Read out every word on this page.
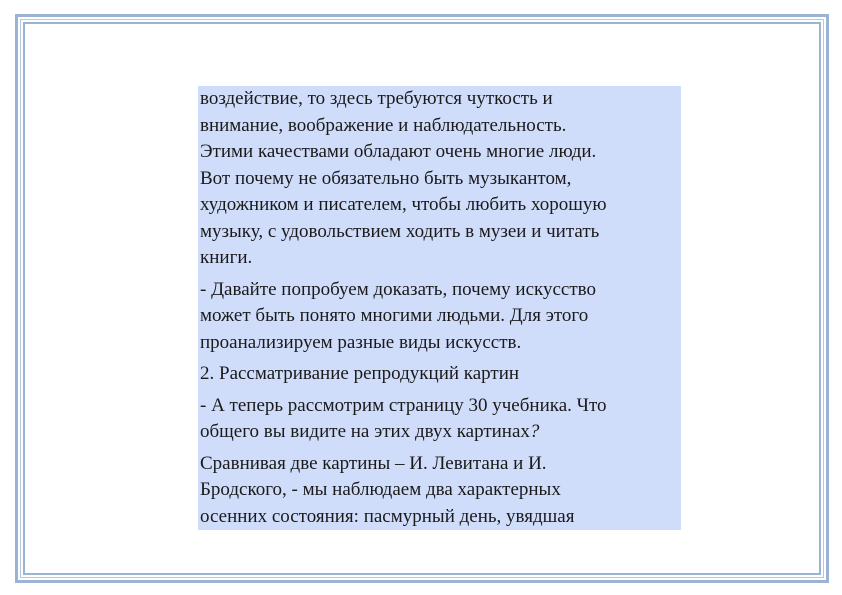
воздействие, то здесь требуются чуткость и
внимание, воображение и наблюдательность.
Этими качествами обладают очень многие люди.
Вот почему не обязательно быть музыкантом,
художником и писателем, чтобы любить хорошую
музыку, с удовольствием ходить в музеи и читать
книги.

- Давайте попробуем доказать, почему искусство
может быть понято многими людьми. Для этого
проанализируем разные виды искусств.

2. Рассматривание репродукций картин

- А теперь рассмотрим страницу 30 учебника. Что
общего вы видите на этих двух картинах?

Сравнивая две картины – И. Левитана и И.
Бродского, - мы наблюдаем два характерных
осенних состояния: пасмурный день, увядшая
